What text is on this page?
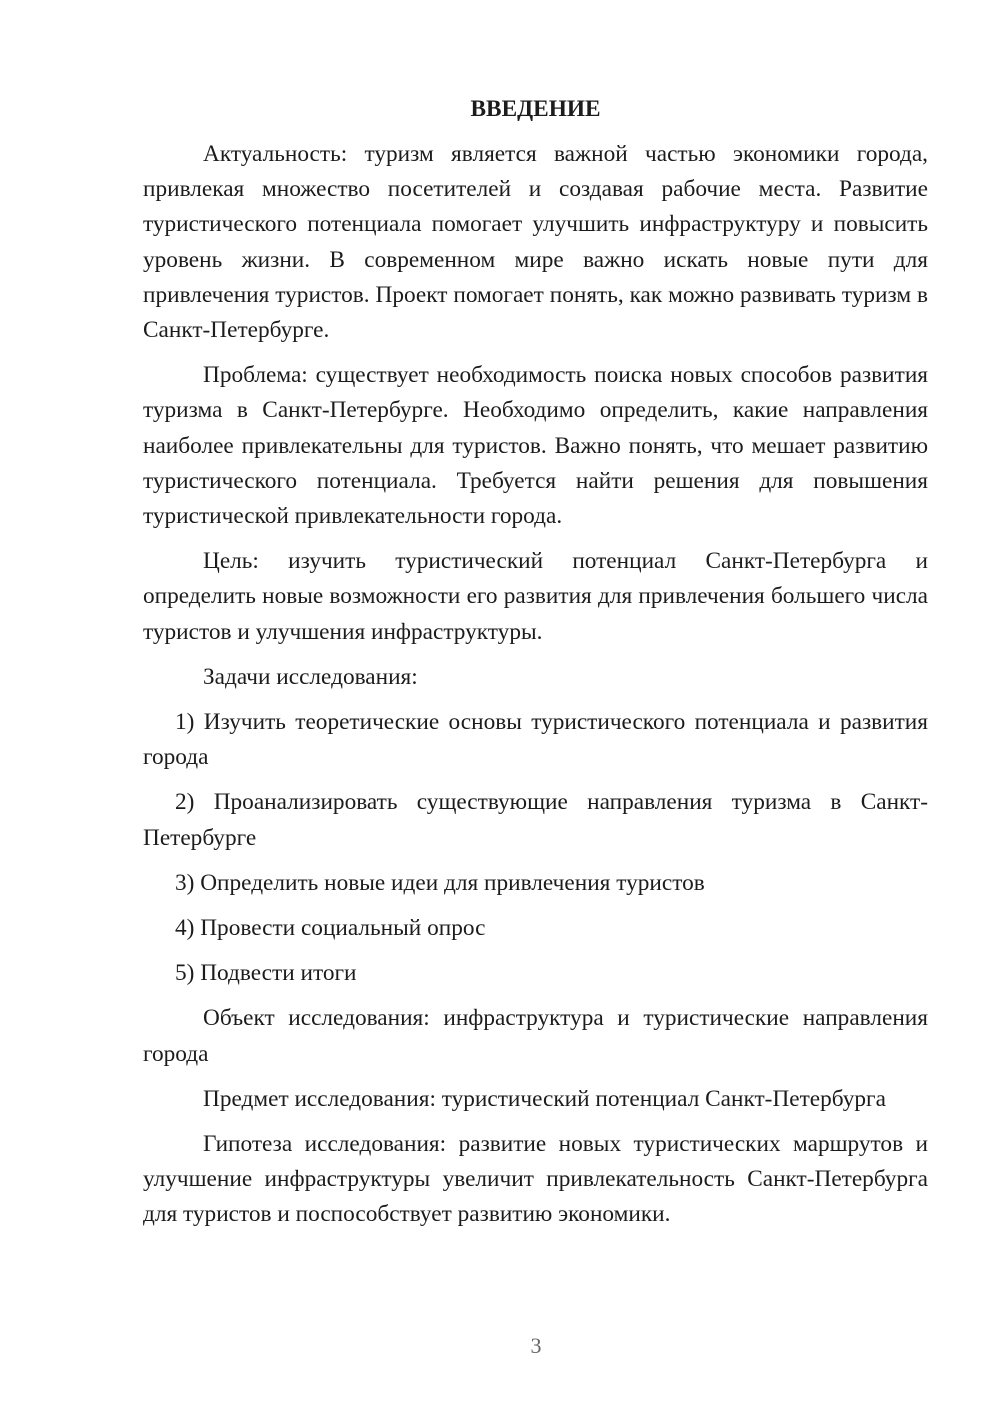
ВВЕДЕНИЕ

Актуальность: туризм является важной частью экономики города, привлекая множество посетителей и создавая рабочие места. Развитие туристического потенциала помогает улучшить инфраструктуру и повысить уровень жизни. В современном мире важно искать новые пути для привлечения туристов. Проект помогает понять, как можно развивать туризм в Санкт-Петербурге.

Проблема: существует необходимость поиска новых способов развития туризма в Санкт-Петербурге. Необходимо определить, какие направления наиболее привлекательны для туристов. Важно понять, что мешает развитию туристического потенциала. Требуется найти решения для повышения туристической привлекательности города.

Цель: изучить туристический потенциал Санкт-Петербурга и определить новые возможности его развития для привлечения большего числа туристов и улучшения инфраструктуры.

Задачи исследования:

1) Изучить теоретические основы туристического потенциала и развития города

2) Проанализировать существующие направления туризма в Санкт-Петербурге

3) Определить новые идеи для привлечения туристов

4) Провести социальный опрос

5) Подвести итоги

Объект исследования: инфраструктура и туристические направления города

Предмет исследования: туристический потенциал Санкт-Петербурга

Гипотеза исследования: развитие новых туристических маршрутов и улучшение инфраструктуры увеличит привлекательность Санкт-Петербурга для туристов и поспособствует развитию экономики.

3
